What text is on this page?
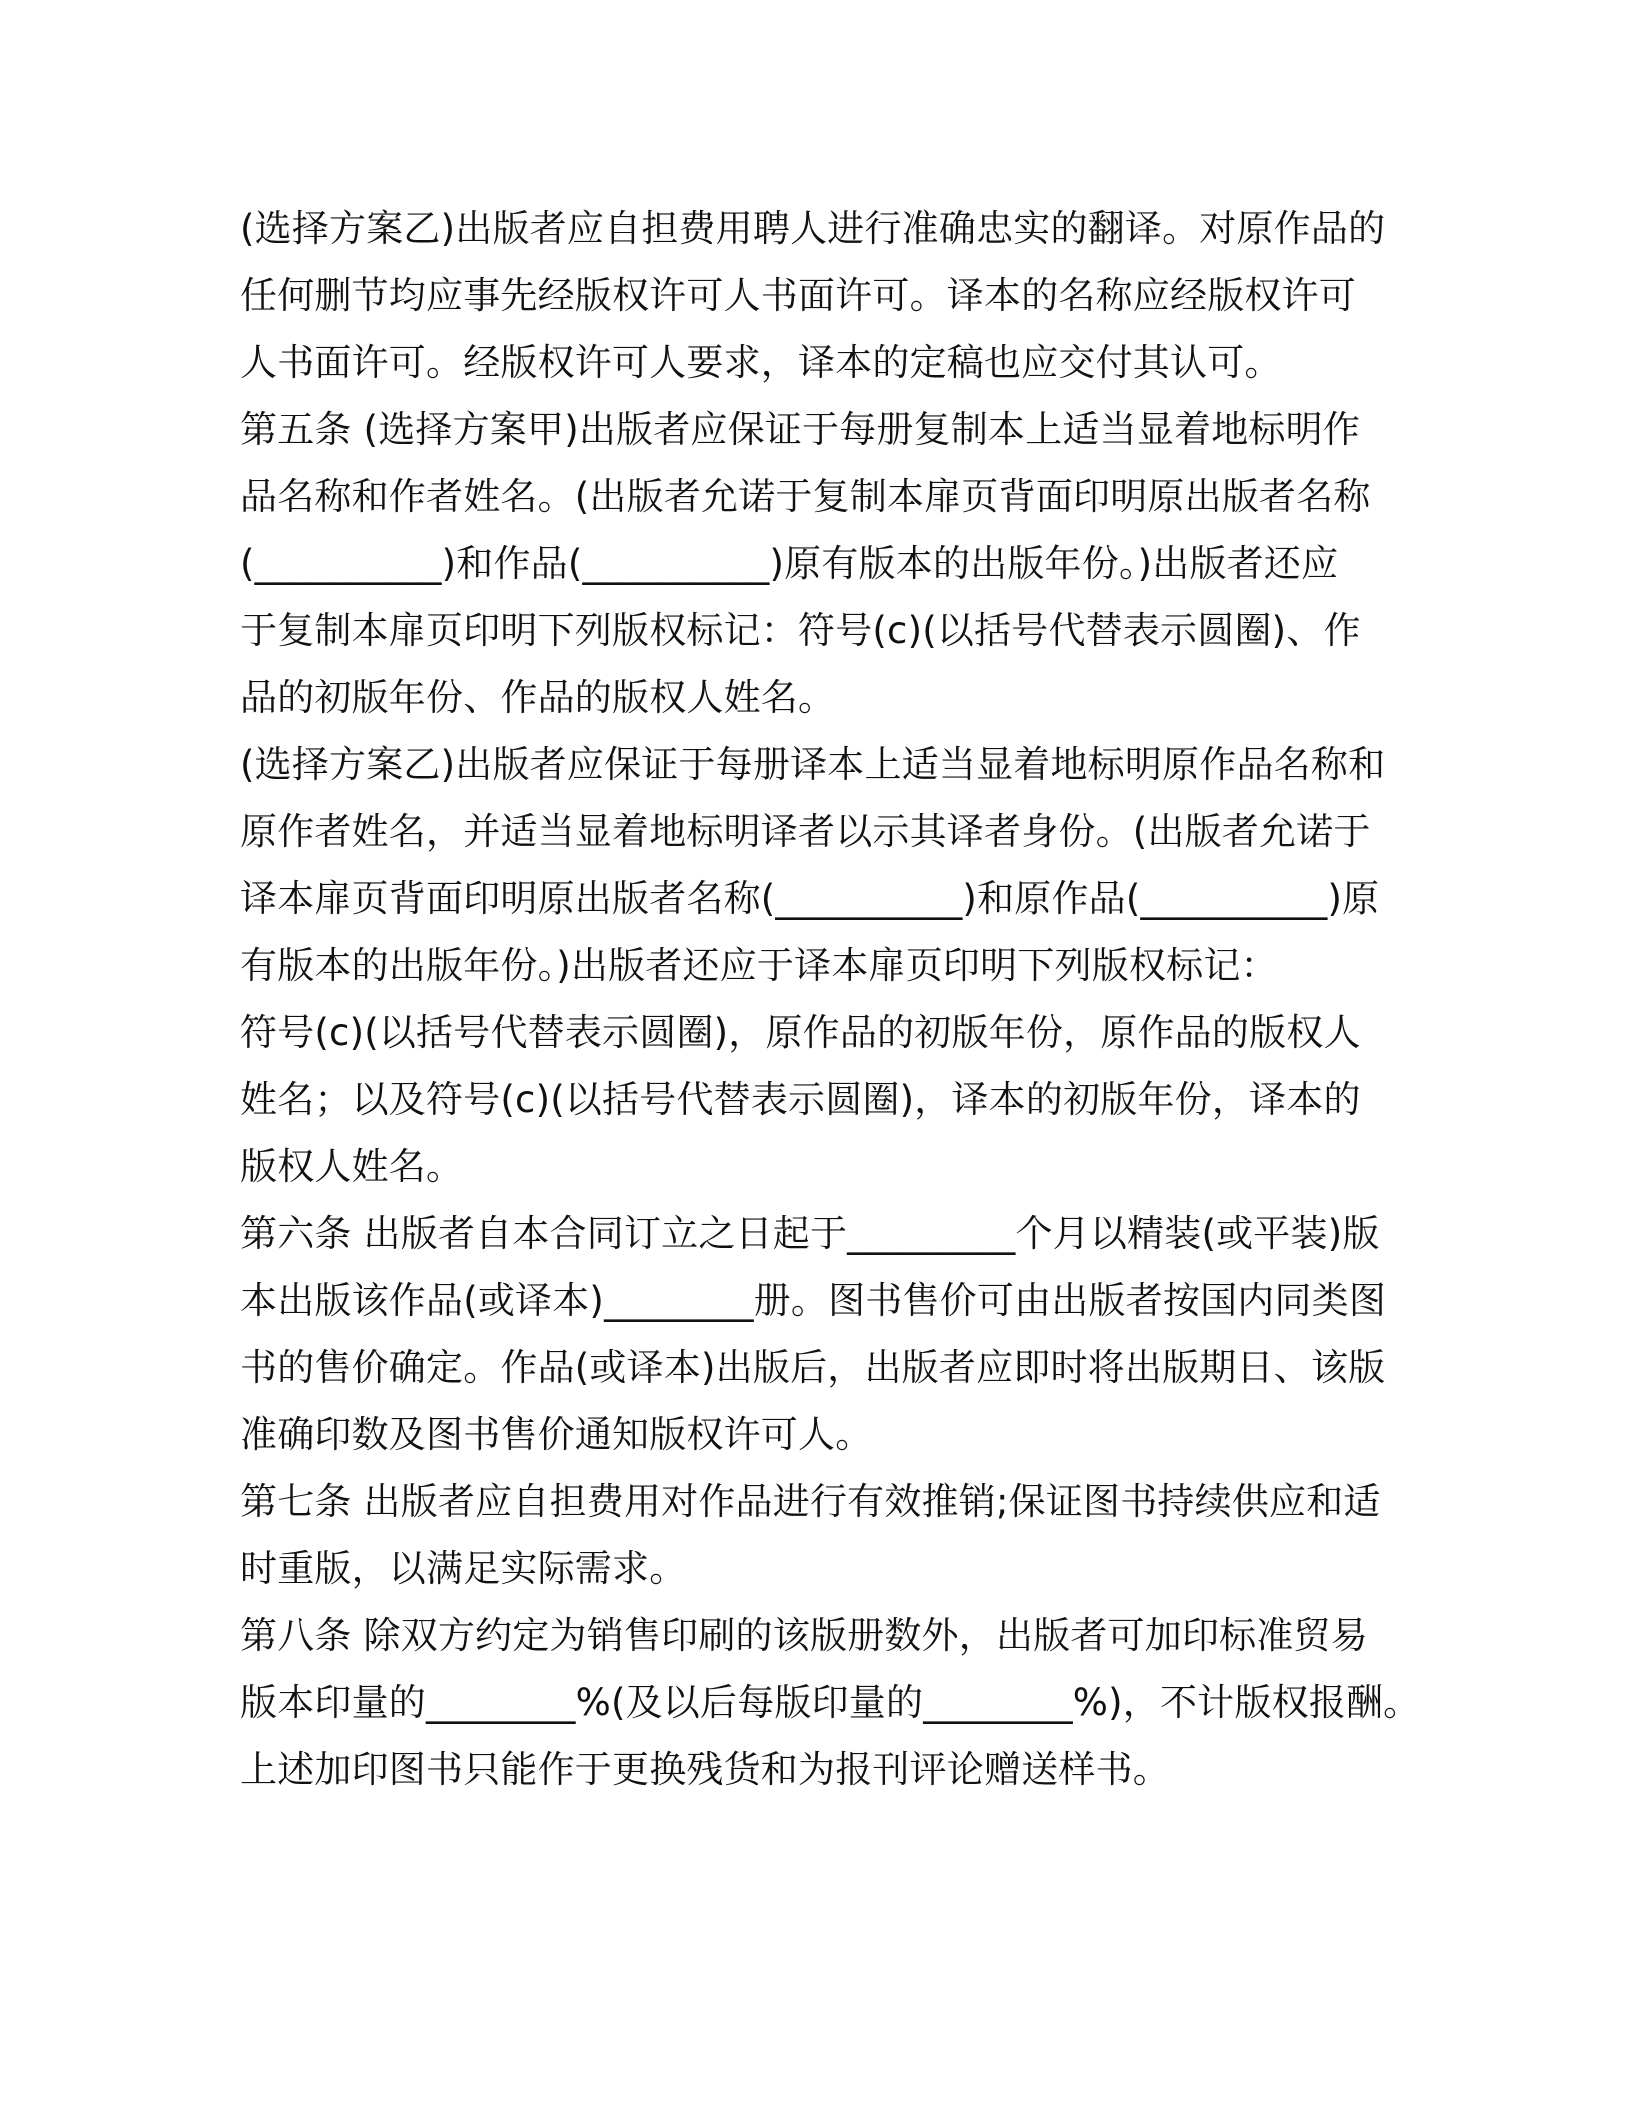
(选择方案乙)出版者应自担费用聘人进行准确忠实的翻译。对原作品的
任何删节均应事先经版权许可人书面许可。译本的名称应经版权许可
人书面许可。经版权许可人要求，译本的定稿也应交付其认可。
第五条 (选择方案甲)出版者应保证于每册复制本上适当显着地标明作
品名称和作者姓名。(出版者允诺于复制本扉页背面印明原出版者名称
(__________)和作品(__________)原有版本的出版年份。)出版者还应
于复制本扉页印明下列版权标记：符号(c)(以括号代替表示圆圈)、作
品的初版年份、作品的版权人姓名。
(选择方案乙)出版者应保证于每册译本上适当显着地标明原作品名称和
原作者姓名，并适当显着地标明译者以示其译者身份。(出版者允诺于
译本扉页背面印明原出版者名称(__________)和原作品(__________)原
有版本的出版年份。)出版者还应于译本扉页印明下列版权标记：
符号(c)(以括号代替表示圆圈)，原作品的初版年份，原作品的版权人
姓名；以及符号(c)(以括号代替表示圆圈)，译本的初版年份，译本的
版权人姓名。
第六条 出版者自本合同订立之日起于_________个月以精装(或平装)版
本出版该作品(或译本)________册。图书售价可由出版者按国内同类图
书的售价确定。作品(或译本)出版后，出版者应即时将出版期日、该版
准确印数及图书售价通知版权许可人。
第七条 出版者应自担费用对作品进行有效推销;保证图书持续供应和适
时重版，以满足实际需求。
第八条 除双方约定为销售印刷的该版册数外，出版者可加印标准贸易
版本印量的________%(及以后每版印量的________%)，不计版权报酬。
上述加印图书只能作于更换残货和为报刊评论赠送样书。
